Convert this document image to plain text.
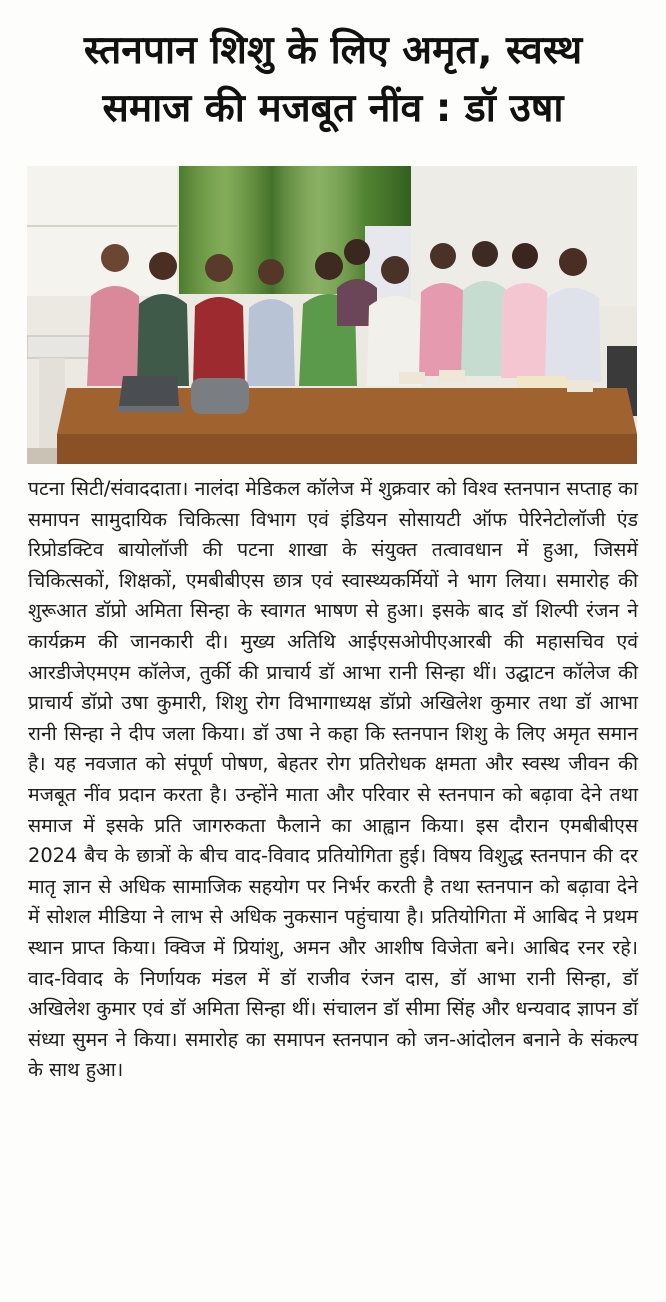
स्तनपान शिशु के लिए अमृत, स्वस्थ
समाज की मजबूत नींव : डॉ उषा

पटना सिटी/संवाददाता। नालंदा मेडिकल कॉलेज में शुक्रवार को विश्व स्तनपान सप्ताह का समापन सामुदायिक चिकित्सा विभाग एवं इंडियन सोसायटी ऑफ पेरिनेटोलॉजी एंड रिप्रोडक्टिव बायोलॉजी की पटना शाखा के संयुक्त तत्वावधान में हुआ, जिसमें चिकित्सकों, शिक्षकों, एमबीबीएस छात्र एवं स्वास्थ्यकर्मियों ने भाग लिया। समारोह की शुरूआत डॉप्रो अमिता सिन्हा के स्वागत भाषण से हुआ। इसके बाद डॉ शिल्पी रंजन ने कार्यक्रम की जानकारी दी। मुख्य अतिथि आईएसओपीएआरबी की महासचिव एवं आरडीजेएमएम कॉलेज, तुर्की की प्राचार्य डॉ आभा रानी सिन्हा थीं। उद्घाटन कॉलेज की प्राचार्य डॉप्रो उषा कुमारी, शिशु रोग विभागाध्यक्ष डॉप्रो अखिलेश कुमार तथा डॉ आभा रानी सिन्हा ने दीप जला किया। डॉ उषा ने कहा कि स्तनपान शिशु के लिए अमृत समान है। यह नवजात को संपूर्ण पोषण, बेहतर रोग प्रतिरोधक क्षमता और स्वस्थ जीवन की मजबूत नींव प्रदान करता है। उन्होंने माता और परिवार से स्तनपान को बढ़ावा देने तथा समाज में इसके प्रति जागरुकता फैलाने का आह्वान किया। इस दौरान एमबीबीएस 2024 बैच के छात्रों के बीच वाद-विवाद प्रतियोगिता हुई। विषय विशुद्ध स्तनपान की दर मातृ ज्ञान से अधिक सामाजिक सहयोग पर निर्भर करती है तथा स्तनपान को बढ़ावा देने में सोशल मीडिया ने लाभ से अधिक नुकसान पहुंचाया है। प्रतियोगिता में आबिद ने प्रथम स्थान प्राप्त किया। क्विज में प्रियांशु, अमन और आशीष विजेता बने। आबिद रनर रहे। वाद-विवाद के निर्णायक मंडल में डॉ राजीव रंजन दास, डॉ आभा रानी सिन्हा, डॉ अखिलेश कुमार एवं डॉ अमिता सिन्हा थीं। संचालन डॉ सीमा सिंह और धन्यवाद ज्ञापन डॉ संध्या सुमन ने किया। समारोह का समापन स्तनपान को जन-आंदोलन बनाने के संकल्प के साथ हुआ।
